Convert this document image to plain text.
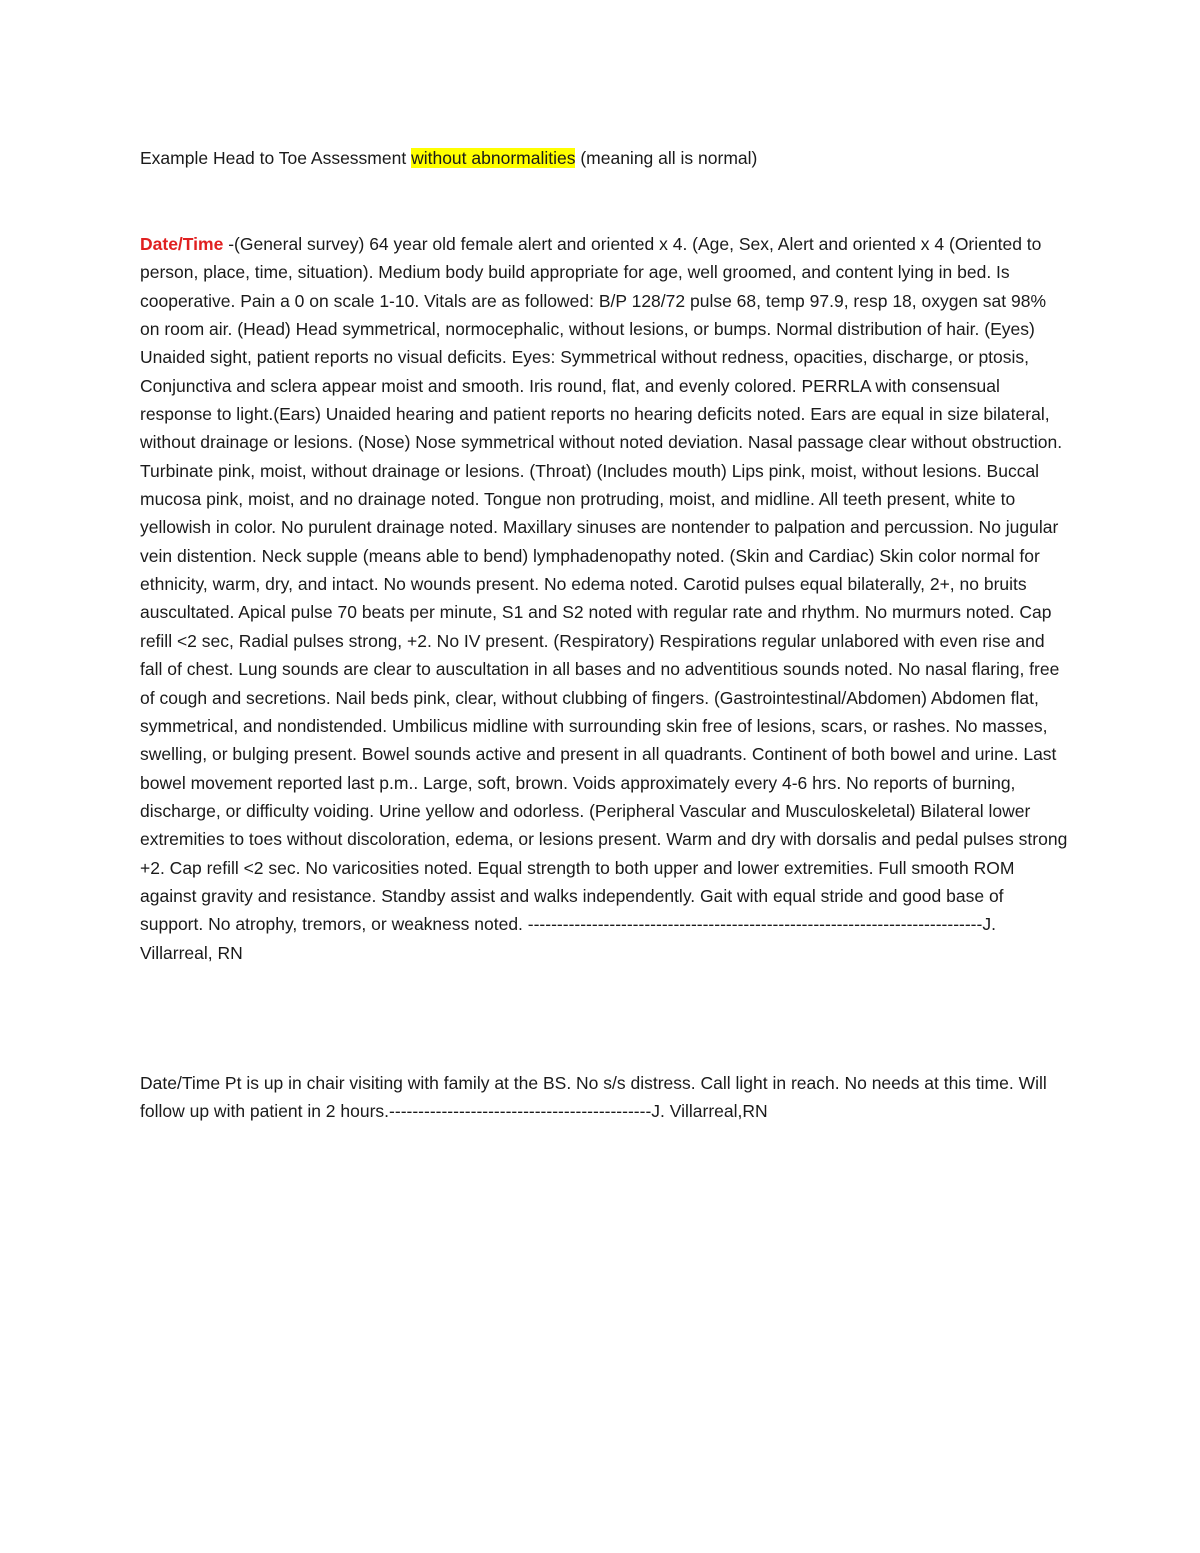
Example Head to Toe Assessment without abnormalities (meaning all is normal)
Date/Time -(General survey) 64 year old female alert and oriented x 4. (Age, Sex, Alert and oriented x 4 (Oriented to person, place, time, situation). Medium body build appropriate for age, well groomed, and content lying in bed. Is cooperative. Pain a 0 on scale 1-10. Vitals are as followed: B/P 128/72 pulse 68, temp 97.9, resp 18, oxygen sat 98% on room air. (Head) Head symmetrical, normocephalic, without lesions, or bumps. Normal distribution of hair. (Eyes) Unaided sight, patient reports no visual deficits. Eyes: Symmetrical without redness, opacities, discharge, or ptosis, Conjunctiva and sclera appear moist and smooth. Iris round, flat, and evenly colored. PERRLA with consensual response to light.(Ears) Unaided hearing and patient reports no hearing deficits noted. Ears are equal in size bilateral, without drainage or lesions. (Nose) Nose symmetrical without noted deviation. Nasal passage clear without obstruction. Turbinate pink, moist, without drainage or lesions. (Throat) (Includes mouth) Lips pink, moist, without lesions. Buccal mucosa pink, moist, and no drainage noted. Tongue non protruding, moist, and midline. All teeth present, white to yellowish in color. No purulent drainage noted. Maxillary sinuses are nontender to palpation and percussion. No jugular vein distention. Neck supple (means able to bend) lymphadenopathy noted. (Skin and Cardiac) Skin color normal for ethnicity, warm, dry, and intact. No wounds present. No edema noted. Carotid pulses equal bilaterally, 2+, no bruits auscultated. Apical pulse 70 beats per minute, S1 and S2 noted with regular rate and rhythm. No murmurs noted. Cap refill <2 sec, Radial pulses strong, +2. No IV present. (Respiratory) Respirations regular unlabored with even rise and fall of chest. Lung sounds are clear to auscultation in all bases and no adventitious sounds noted. No nasal flaring, free of cough and secretions. Nail beds pink, clear, without clubbing of fingers. (Gastrointestinal/Abdomen) Abdomen flat, symmetrical, and nondistended. Umbilicus midline with surrounding skin free of lesions, scars, or rashes. No masses, swelling, or bulging present. Bowel sounds active and present in all quadrants. Continent of both bowel and urine. Last bowel movement reported last p.m.. Large, soft, brown. Voids approximately every 4-6 hrs. No reports of burning, discharge, or difficulty voiding. Urine yellow and odorless. (Peripheral Vascular and Musculoskeletal) Bilateral lower extremities to toes without discoloration, edema, or lesions present. Warm and dry with dorsalis and pedal pulses strong +2. Cap refill <2 sec. No varicosities noted. Equal strength to both upper and lower extremities. Full smooth ROM against gravity and resistance. Standby assist and walks independently. Gait with equal stride and good base of support. No atrophy, tremors, or weakness noted. ------------------------------------------------------------------------------J. Villarreal, RN
Date/Time Pt is up in chair visiting with family at the BS. No s/s distress. Call light in reach. No needs at this time. Will follow up with patient in 2 hours.---------------------------------------------J. Villarreal,RN
